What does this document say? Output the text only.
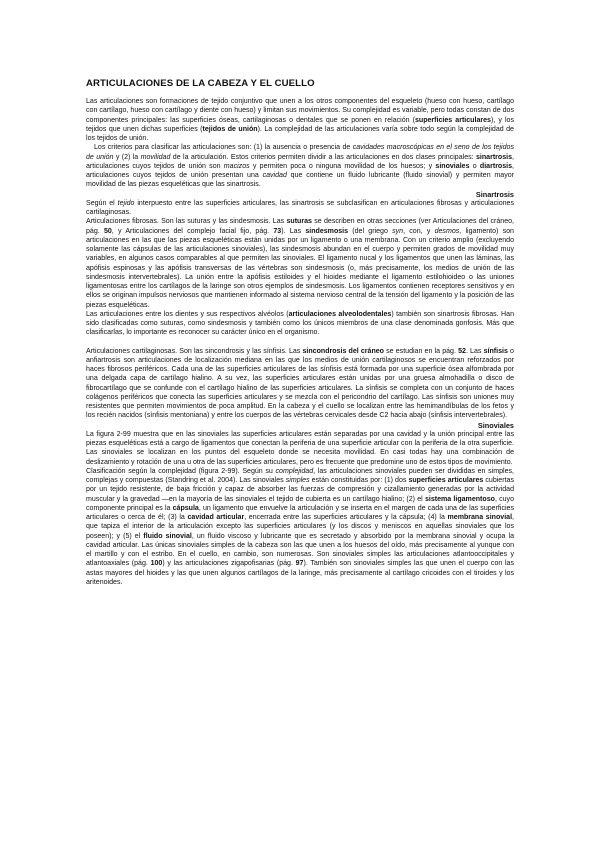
ARTICULACIONES DE LA CABEZA Y EL CUELLO

Las articulaciones son formaciones de tejido conjuntivo que unen a los otros componentes del esqueleto (hueso con hueso, cartílago con cartílago, hueso con cartílago y diente con hueso) y limitan sus movimientos. Su complejidad es variable, pero todas constan de dos componentes principales: las superficies óseas, cartilaginosas o dentales que se ponen en relación (superficies articulares), y los tejidos que unen dichas superficies (tejidos de unión). La complejidad de las articulaciones varía sobre todo según la complejidad de los tejidos de unión.

Los criterios para clasificar las articulaciones son: (1) la ausencia o presencia de cavidades macroscópicas en el seno de los tejidos de unión y (2) la movilidad de la articulación. Estos criterios permiten dividir a las articulaciones en dos clases principales: sinartrosis, articulaciones cuyos tejidos de unión son macizos y permiten poca o ninguna movilidad de los huesos; y sinoviales o diartrosis, articulaciones cuyos tejidos de unión presentan una cavidad que contiene un fluido lubricante (fluido sinovial) y permiten mayor movilidad de las piezas esqueléticas que las sinartrosis.

Sinartrosis

Según el tejido interpuesto entre las superficies articulares, las sinartrosis se subclasifican en articulaciones fibrosas y articulaciones cartilaginosas.

Articulaciones fibrosas. Son las suturas y las sindesmosis. Las suturas se describen en otras secciones (ver Articulaciones del cráneo, pág. 50, y Articulaciones del complejo facial fijo, pág. 73). Las sindesmosis (del griego syn, con, y desmos, ligamento) son articulaciones en las que las piezas esqueléticas están unidas por un ligamento o una membrana. Con un criterio amplio (excluyendo solamente las cápsulas de las articulaciones sinoviales), las sindesmosis abundan en el cuerpo y permiten grados de movilidad muy variables, en algunos casos comparables al que permiten las sinoviales. El ligamento nucal y los ligamentos que unen las láminas, las apófisis espinosas y las apófisis transversas de las vértebras son sindesmosis (o, más precisamente, los medios de unión de las sindesmosis intervertebrales). La unión entre la apófisis estiloides y el hioides mediante el ligamento estilohioideo o las uniones ligamentosas entre los cartílagos de la laringe son otros ejemplos de sindesmosis. Los ligamentos contienen receptores sensitivos y en ellos se originan impulsos nerviosos que mantienen informado al sistema nervioso central de la tensión del ligamento y la posición de las piezas esqueléticas.

Las articulaciones entre los dientes y sus respectivos alvéolos (articulaciones alveolodentales) también son sinartrosis fibrosas. Han sido clasificadas como suturas, como sindesmosis y también como los únicos miembros de una clase denominada gonfosis. Más que clasificarlas, lo importante es reconocer su carácter único en el organismo.

Articulaciones cartilaginosas. Son las sincondrosis y las sínfisis. Las sincondrosis del cráneo se estudian en la pág. 52. Las sínfisis o anfiartrosis son articulaciones de localización mediana en las que los medios de unión cartilaginosos se encuentran reforzados por haces fibrosos periféricos. Cada una de las superficies articulares de las sínfisis está formada por una superficie ósea alfombrada por una delgada capa de cartílago hialino. A su vez, las superficies articulares están unidas por una gruesa almohadilla o disco de fibrocartílago que se confunde con el cartílago hialino de las superficies articulares. La sínfisis se completa con un conjunto de haces colágenos periféricos que conecta las superficies articulares y se mezcla con el pericondrio del cartílago. Las sínfisis son uniones muy resistentes que permiten movimientos de poca amplitud. En la cabeza y el cuello se localizan entre las hemimandíbulas de los fetos y los recién nacidos (sínfisis mentoniana) y entre los cuerpos de las vértebras cervicales desde C2 hacia abajo (sínfisis intervertebrales).

Sinoviales

La figura 2-99 muestra que en las sinoviales las superficies articulares están separadas por una cavidad y la unión principal entre las piezas esqueléticas está a cargo de ligamentos que conectan la periferia de una superficie articular con la periferia de la otra superficie. Las sinoviales se localizan en los puntos del esqueleto donde se necesita movilidad. En casi todas hay una combinación de deslizamiento y rotación de una u otra de las superficies articulares, pero es frecuente que predomine uno de estos tipos de movimiento.

Clasificación según la complejidad (figura 2-99). Según su complejidad, las articulaciones sinoviales pueden ser divididas en simples, complejas y compuestas (Standring et al. 2004). Las sinoviales simples están constituidas por: (1) dos superficies articulares cubiertas por un tejido resistente, de baja fricción y capaz de absorber las fuerzas de compresión y cizallamiento generadas por la actividad muscular y la gravedad —en la mayoría de las sinoviales el tejido de cubierta es un cartílago hialino; (2) el sistema ligamentoso, cuyo componente principal es la cápsula, un ligamento que envuelve la articulación y se inserta en el margen de cada una de las superficies articulares o cerca de él; (3) la cavidad articular, encerrada entre las superficies articulares y la cápsula; (4) la membrana sinovial, que tapiza el interior de la articulación excepto las superficies articulares (y los discos y meniscos en aquellas sinoviales que los poseen); y (5) el fluido sinovial, un fluido viscoso y lubricante que es secretado y absorbido por la membrana sinovial y ocupa la cavidad articular. Las únicas sinoviales simples de la cabeza son las que unen a los huesos del oído, más precisamente al yunque con el martillo y con el estribo. En el cuello, en cambio, son numerosas. Son sinoviales simples las articulaciones atlantooccipitales y atlantoaxiales (pág. 100) y las articulaciones zigapofisarias (pág. 97). También son sinoviales simples las que unen el cuerpo con las astas mayores del hioides y las que unen algunos cartílagos de la laringe, más precisamente al cartílago cricoides con el tiroides y los aritenoides.
